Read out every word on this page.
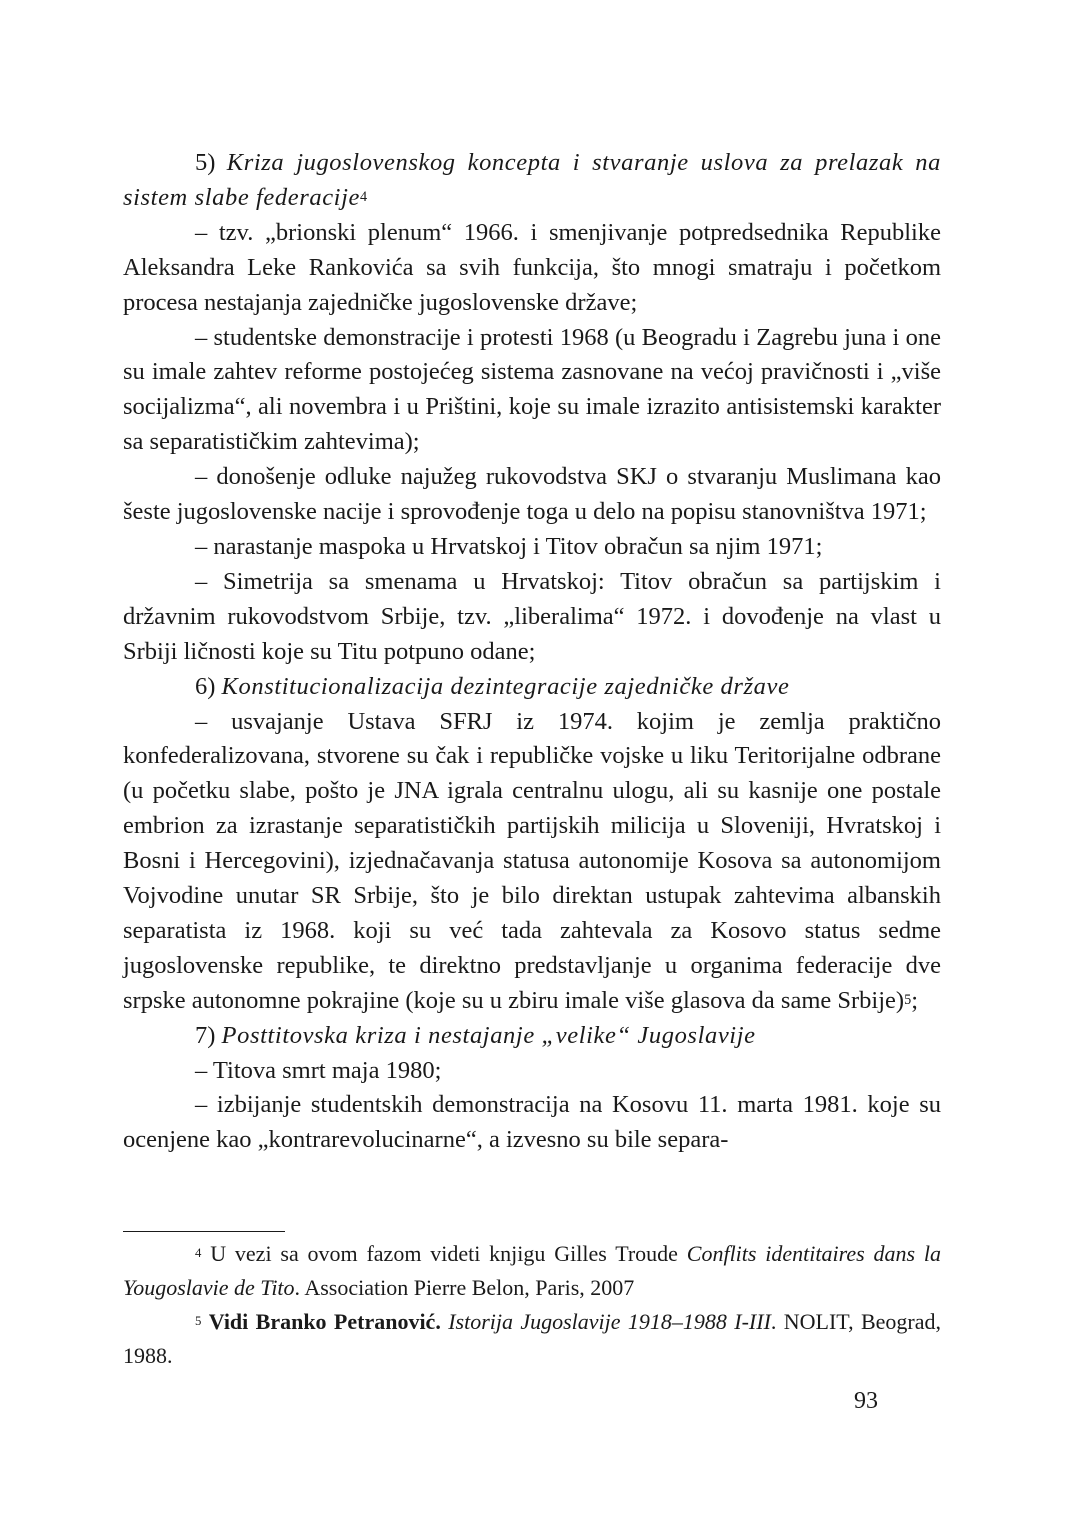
5) Kriza jugoslovenskog koncepta i stvaranje uslova za prelazak na sistem slabe federacije$^4$

– tzv. „brionski plenum“ 1966. i smenjivanje potpredsednika Republike Aleksandra Leke Rankovića sa svih funkcija, što mnogi smatraju i početkom procesa nestajanja zajedničke jugoslovenske države;

– studentske demonstracije i protesti 1968 (u Beogradu i Zagrebu juna i one su imale zahtev reforme postojećeg sistema zasnovane na većoj pravičnosti i „više socijalizma“, ali novembra i u Prištini, koje su imale izrazito antisistemski karakter sa separatističkim zahtevima);

– donošenje odluke najužeg rukovodstva SKJ o stvaranju Muslimana kao šeste jugoslovenske nacije i sprovođenje toga u delo na popisu stanovništva 1971;

– narastanje maspoka u Hrvatskoj i Titov obračun sa njim 1971;

– Simetrija sa smenama u Hrvatskoj: Titov obračun sa partijskim i državnim rukovodstvom Srbije, tzv. „liberalima“ 1972. i dovođenje na vlast u Srbiji ličnosti koje su Titu potpuno odane;

6) Konstitucionalizacija dezintegracije zajedničke države

– usvajanje Ustava SFRJ iz 1974. kojim je zemlja praktično konfederalizovana, stvorene su čak i republičke vojske u liku Teritorijalne odbrane (u početku slabe, pošto je JNA igrala centralnu ulogu, ali su kasnije one postale embrion za izrastanje separatističkih partijskih milicija u Sloveniji, Hvratskoj i Bosni i Hercegovini), izjednačavanja statusa autonomije Kosova sa autonomijom Vojvodine unutar SR Srbije, što je bilo direktan ustupak zahtevima albanskih separatista iz 1968. koji su već tada zahtevala za Kosovo status sedme jugoslovenske republike, te direktno predstavljanje u organima federacije dve srpske autonomne pokrajine (koje su u zbiru imale više glasova da same Srbije)$^5$;

7) Posttitovska kriza i nestajanje „velike“ Jugoslavije

– Titova smrt maja 1980;

– izbijanje studentskih demonstracija na Kosovu 11. marta 1981. koje su ocenjene kao „kontrarevolucinarne“, a izvesno su bile separa-

$^4$ U vezi sa ovom fazom videti knjigu Gilles Troude Conflits identitaires dans la Yougoslavie de Tito. Association Pierre Belon, Paris, 2007

$^5$ Vidi Branko Petranović. Istorija Jugoslavije 1918–1988 I-III. NOLIT, Beograd, 1988.

93
